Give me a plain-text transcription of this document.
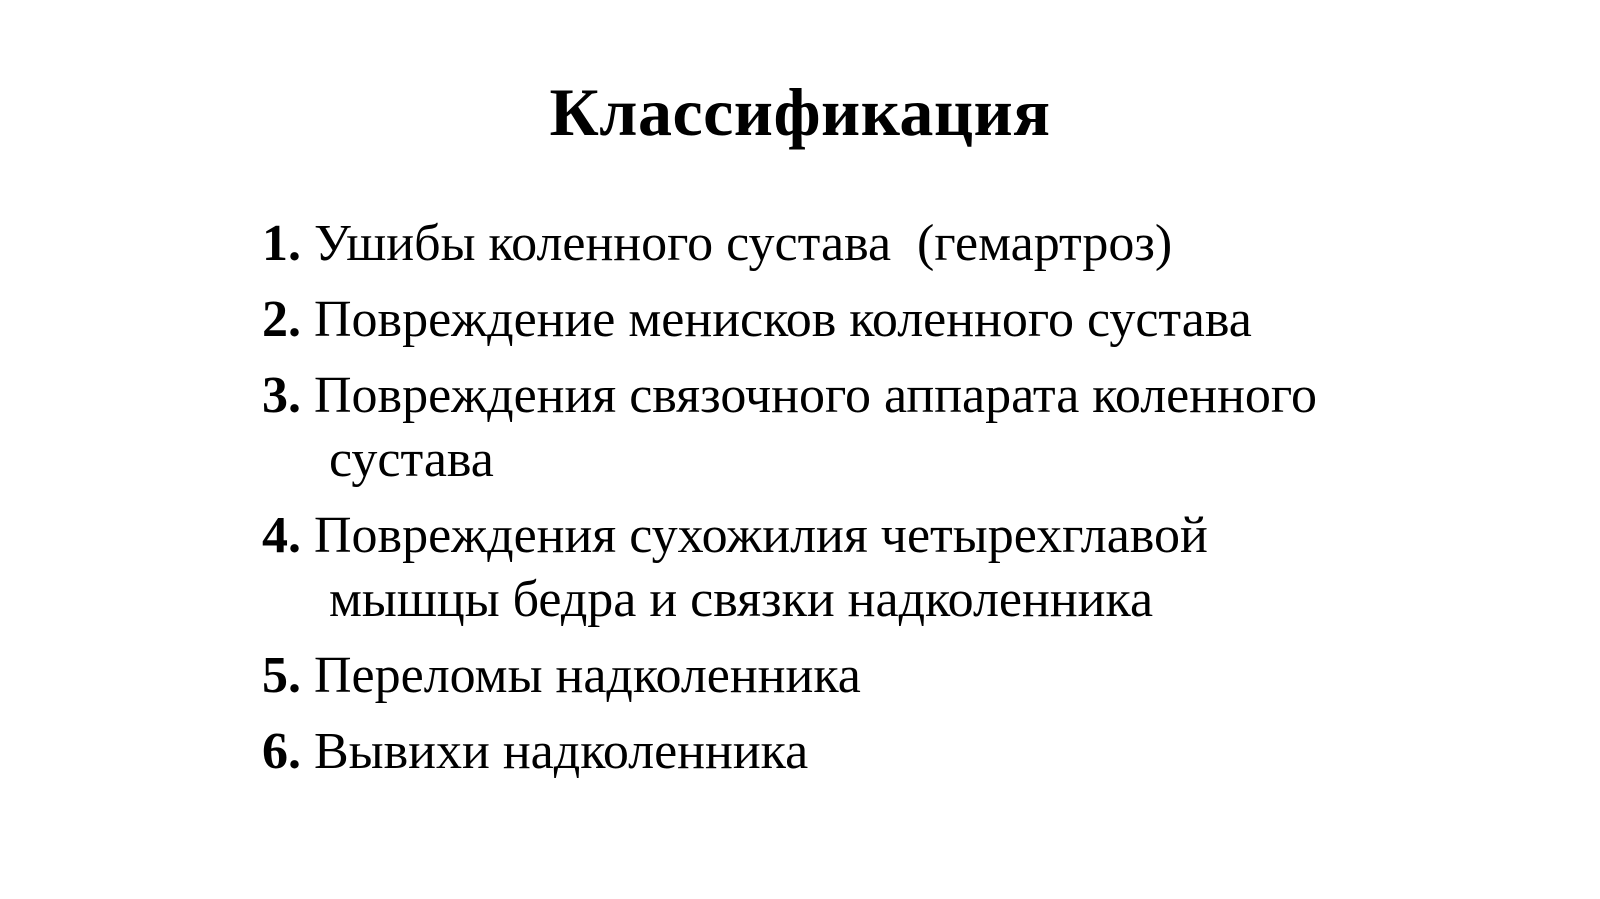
Классификация
1. Ушибы коленного сустава  (гемартроз)
2. Повреждение менисков коленного сустава
3. Повреждения связочного аппарата коленного
сустава
4. Повреждения сухожилия четырехглавой
мышцы бедра и связки надколенника
5. Переломы надколенника
6. Вывихи надколенника
